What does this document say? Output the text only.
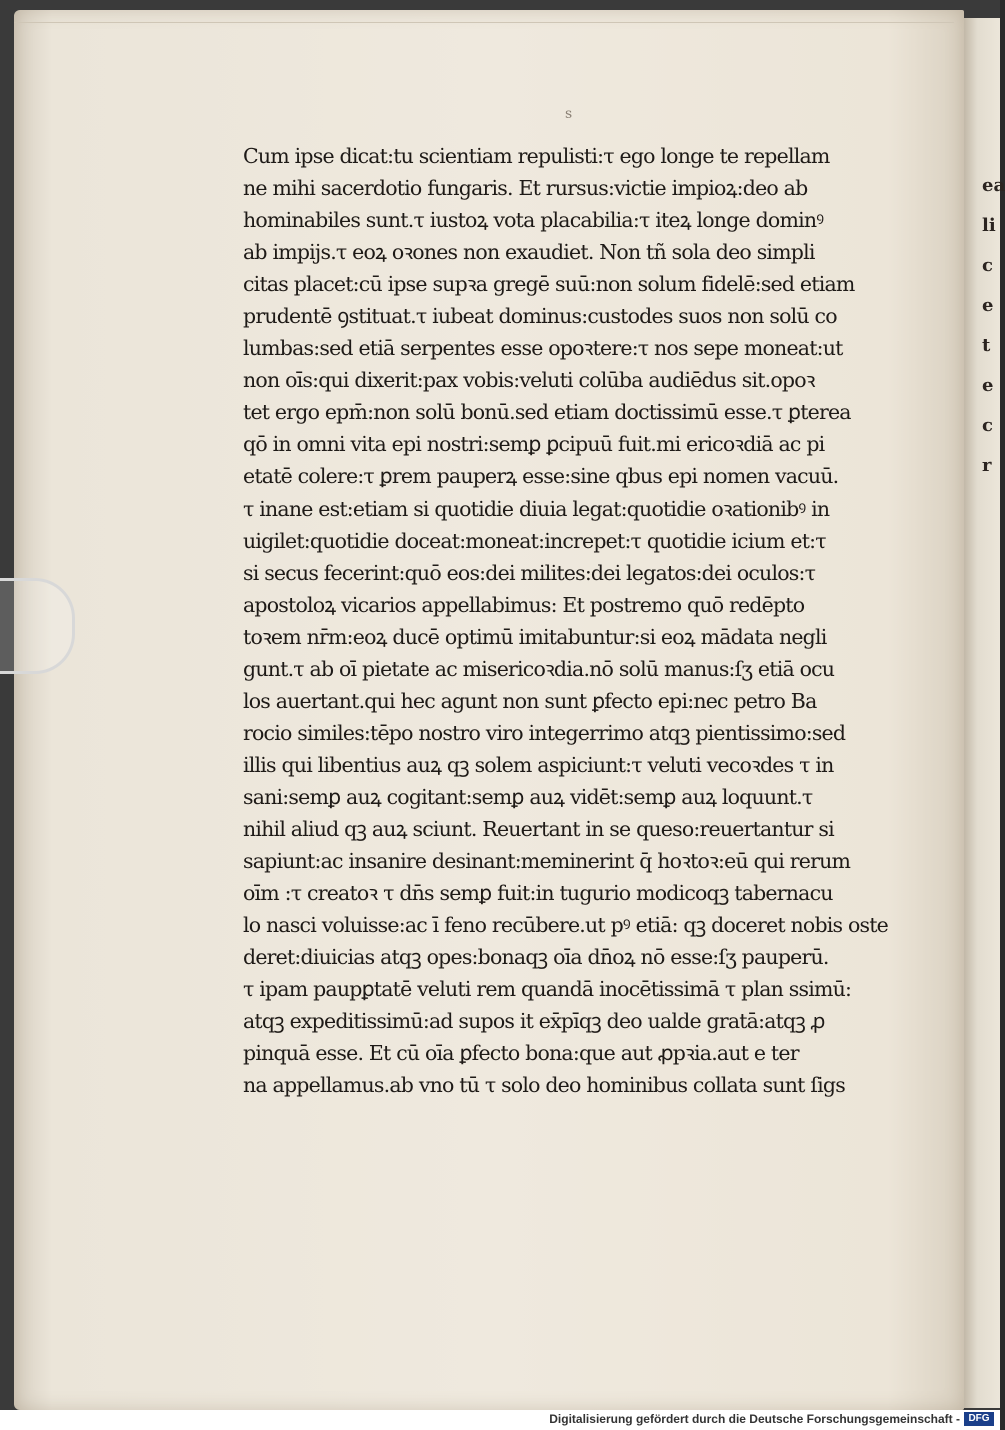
ea
li
c
e
t
e
c
r
s
Cum ipse dicat:tu scientiam repulisti:τ ego longe te repellam
ne mihi sacerdotio fungaris. Et rursus:victie impioꝝ:deo ab
hominabiles sunt.τ iustoꝝ vota placabilia:τ iteꝝ longe dominꝰ
ab impijs.τ eoꝝ oꝛones non exaudiet. Non tñ sola deo simpli
citas placet:cū ipse supꝛa gregē suū:non solum fidelē:sed etiam
prudentē ꝯstituat.τ iubeat dominus:custodes suos non solū co
lumbas:sed etiā serpentes esse opoꝛtere:τ nos sepe moneat:ut
non oīs:qui dixerit:pax vobis:veluti colūba audiēdus sit.opoꝛ
tet ergo epm̄:non solū bonū.sed etiam doctissimū esse.τ ꝑterea
qō in omni vita epi nostri:semꝑ ꝑcipuū fuit.mi ericoꝛdiā ac pi
etatē colere:τ ꝑrem pauperꝝ esse:sine qbus epi nomen vacuū.
τ inane est:etiam si quotidie diuia legat:quotidie oꝛationibꝰ in
uigilet:quotidie doceat:moneat:increpet:τ quotidie icium et:τ
si secus fecerint:quō eos:dei milites:dei legatos:dei oculos:τ
apostoloꝝ vicarios appellabimus: Et postremo quō redēpto
toꝛem nr̄m:eoꝝ ducē optimū imitabuntur:si eoꝝ mādata negli
gunt.τ ab oī pietate ac misericoꝛdia.nō solū manus:ſʒ etiā ocu
los auertant.qui hec agunt non sunt ꝑfecto epi:nec petro Ba
rocio similes:tēpo nostro viro integerrimo atqꝫ pientissimo:sed
illis qui libentius auꝝ qꝫ solem aspiciunt:τ veluti vecoꝛdes τ in
sani:semꝑ auꝝ cogitant:semꝑ auꝝ vidēt:semꝑ auꝝ loquunt.τ
nihil aliud qꝫ auꝝ sciunt. Reuertant in se queso:reuertantur si
sapiunt:ac insanire desinant:meminerint q̄ hoꝛtoꝛ:eū qui rerum
oīm :τ creatoꝛ τ dn̄s semꝑ fuit:in tugurio modicoqꝫ tabernacu
lo nasci voluisse:ac ī feno recūbere.ut pꝰ etiā: qꝫ doceret nobis oste
deret:diuicias atqꝫ opes:bonaqꝫ oīa dn̄oꝝ nō esse:ſʒ pauperū.
τ ipam paupꝑtatē veluti rem quandā inocētissimā τ plan ssimū:
atqꝫ expeditissimū:ad supos it ex̄pīqꝫ deo ualde gratā:atqꝫ ꝓ
pinquā esse. Et cū oīa ꝑfecto bona:que aut ꝓpꝛia.aut e ter
na appellamus.ab vno tū τ solo deo hominibus collata sunt ſigs
Digitalisierung gefördert durch die Deutsche Forschungsgemeinschaft - DFG
